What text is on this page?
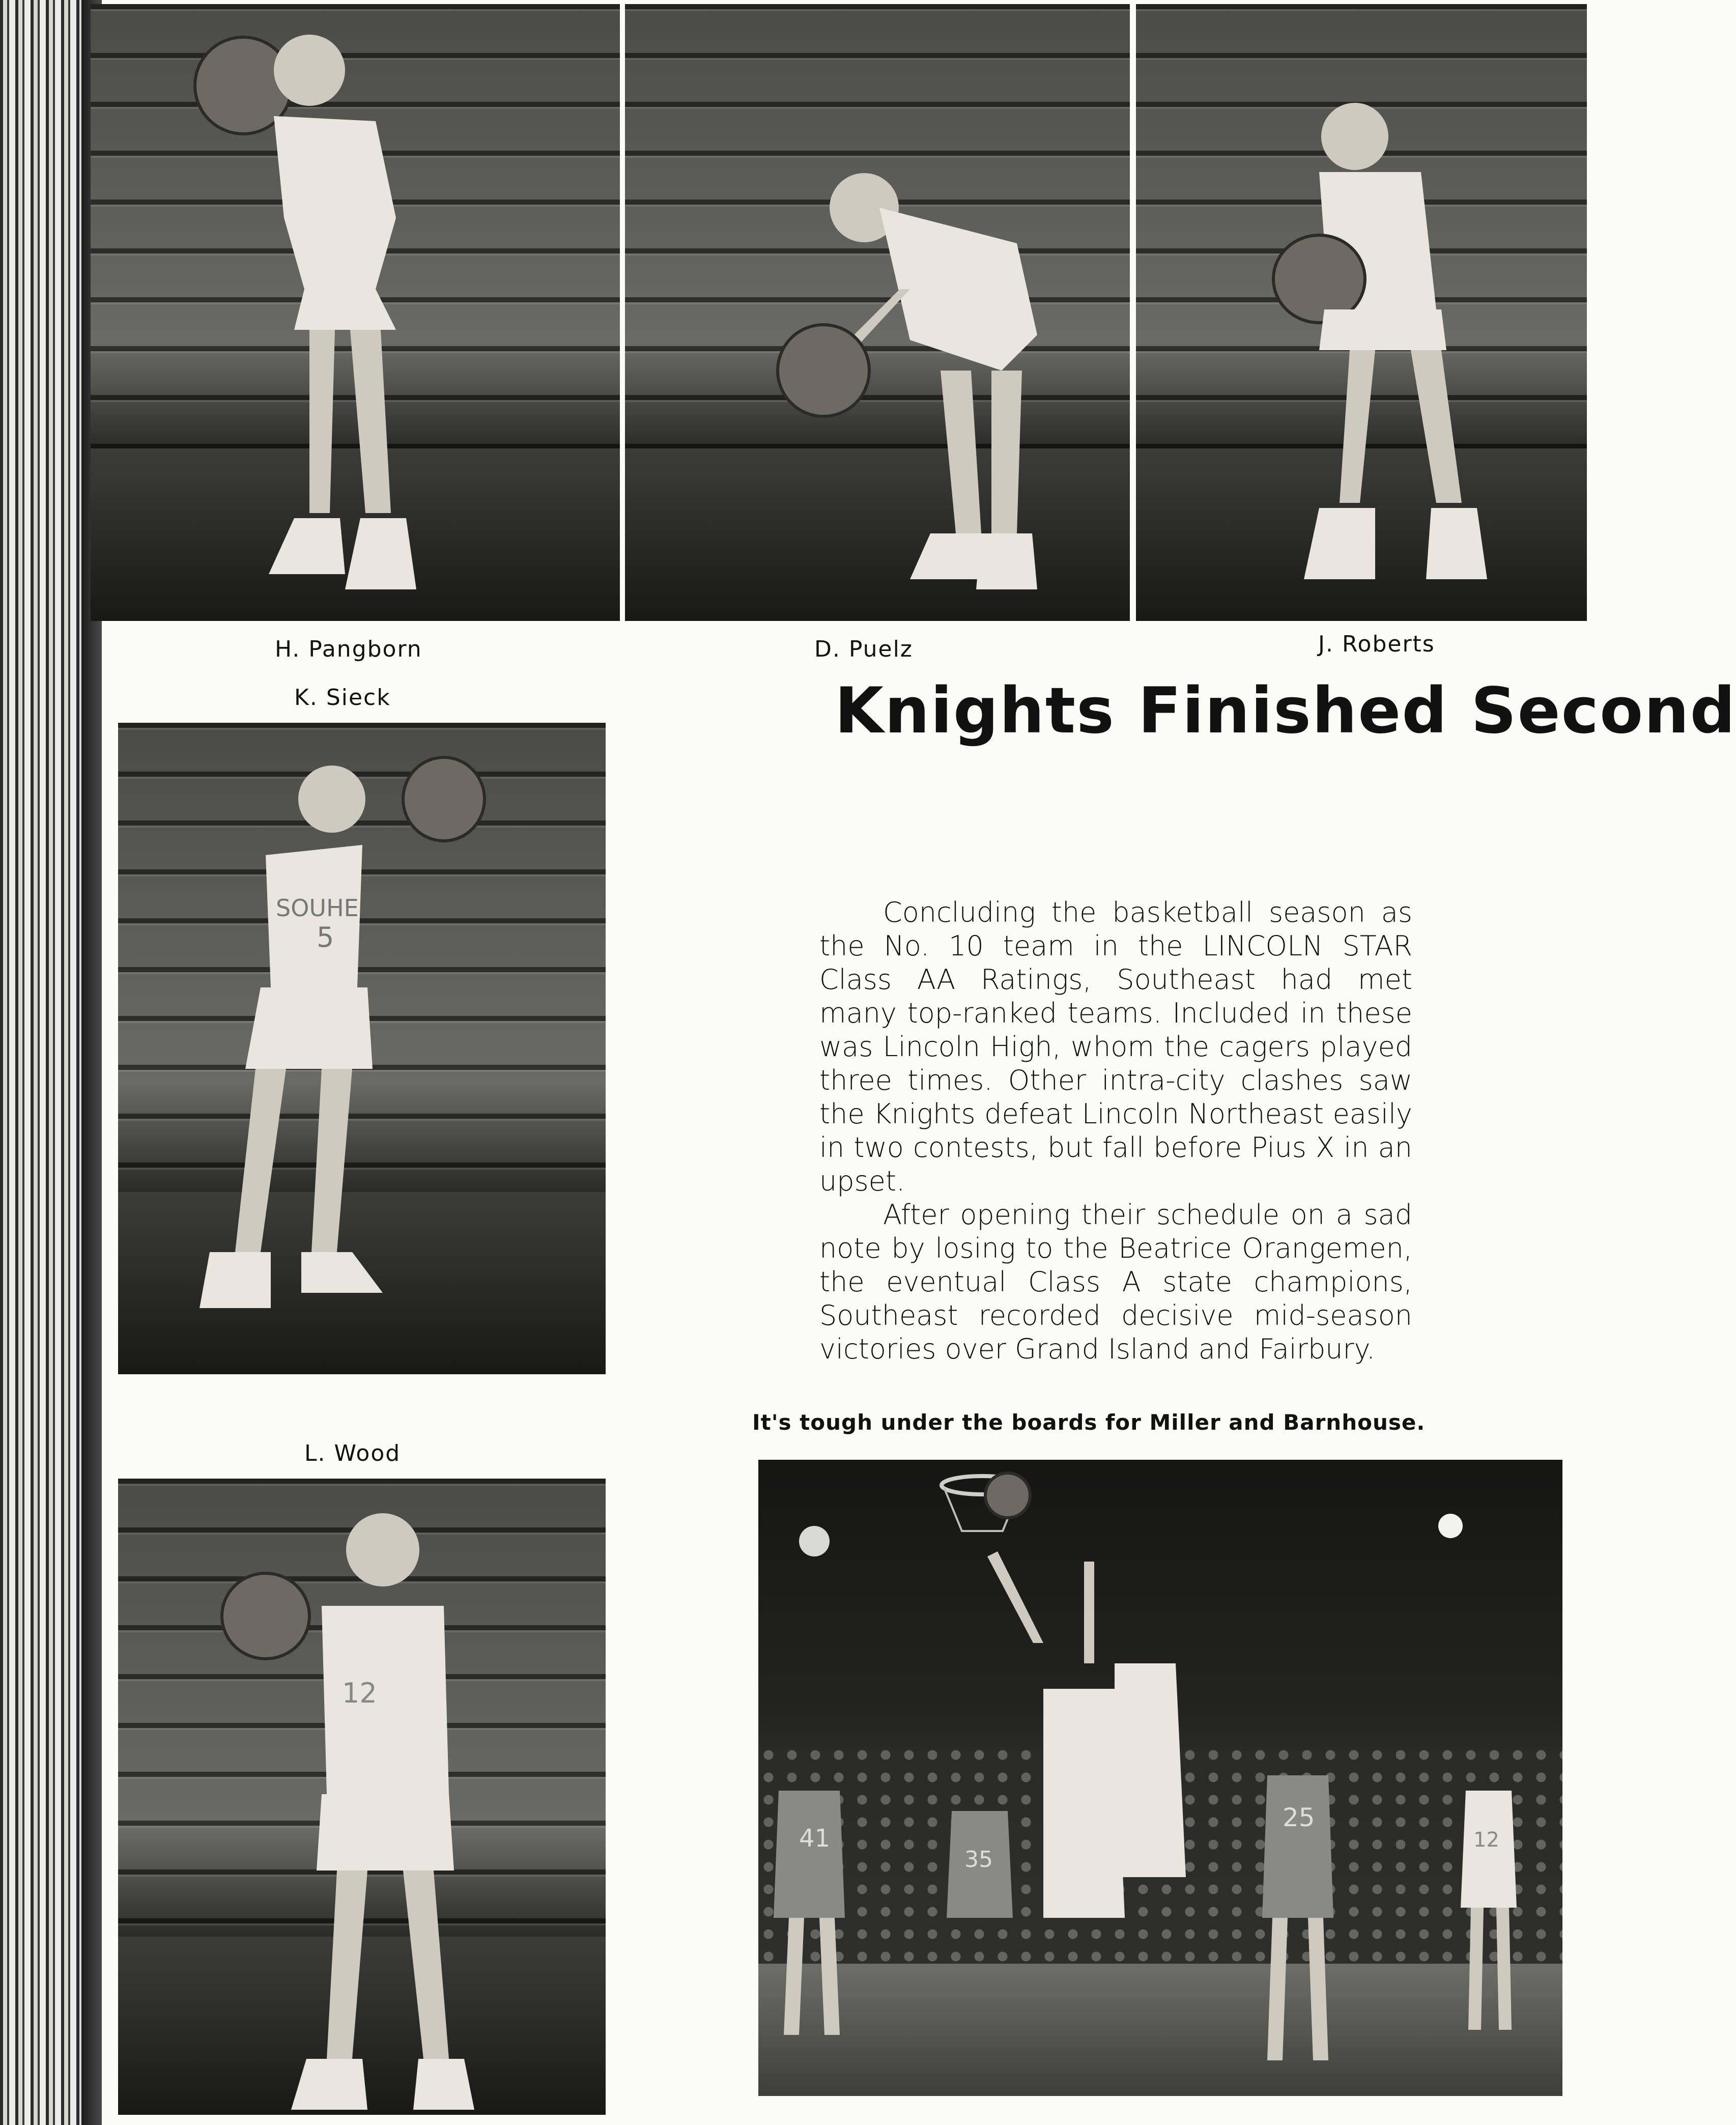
H. Pangborn	D. Puelz	J. Roberts
K. Sieck
SOUHE
5
L. Wood
12
Knights Finished Second

Concluding the basketball season as the No. 10 team in the LINCOLN STAR Class AA Ratings, Southeast had met many top-ranked teams. Included in these was Lincoln High, whom the cagers played three times. Other intra-city clashes saw the Knights defeat Lincoln Northeast easily in two contests, but fall before Pius X in an upset.

After opening their schedule on a sad note by losing to the Beatrice Orangemen, the eventual Class A state champions, Southeast recorded decisive mid-season victories over Grand Island and Fairbury.

It's tough under the boards for Miller and Barnhouse.
41
35
25
12
